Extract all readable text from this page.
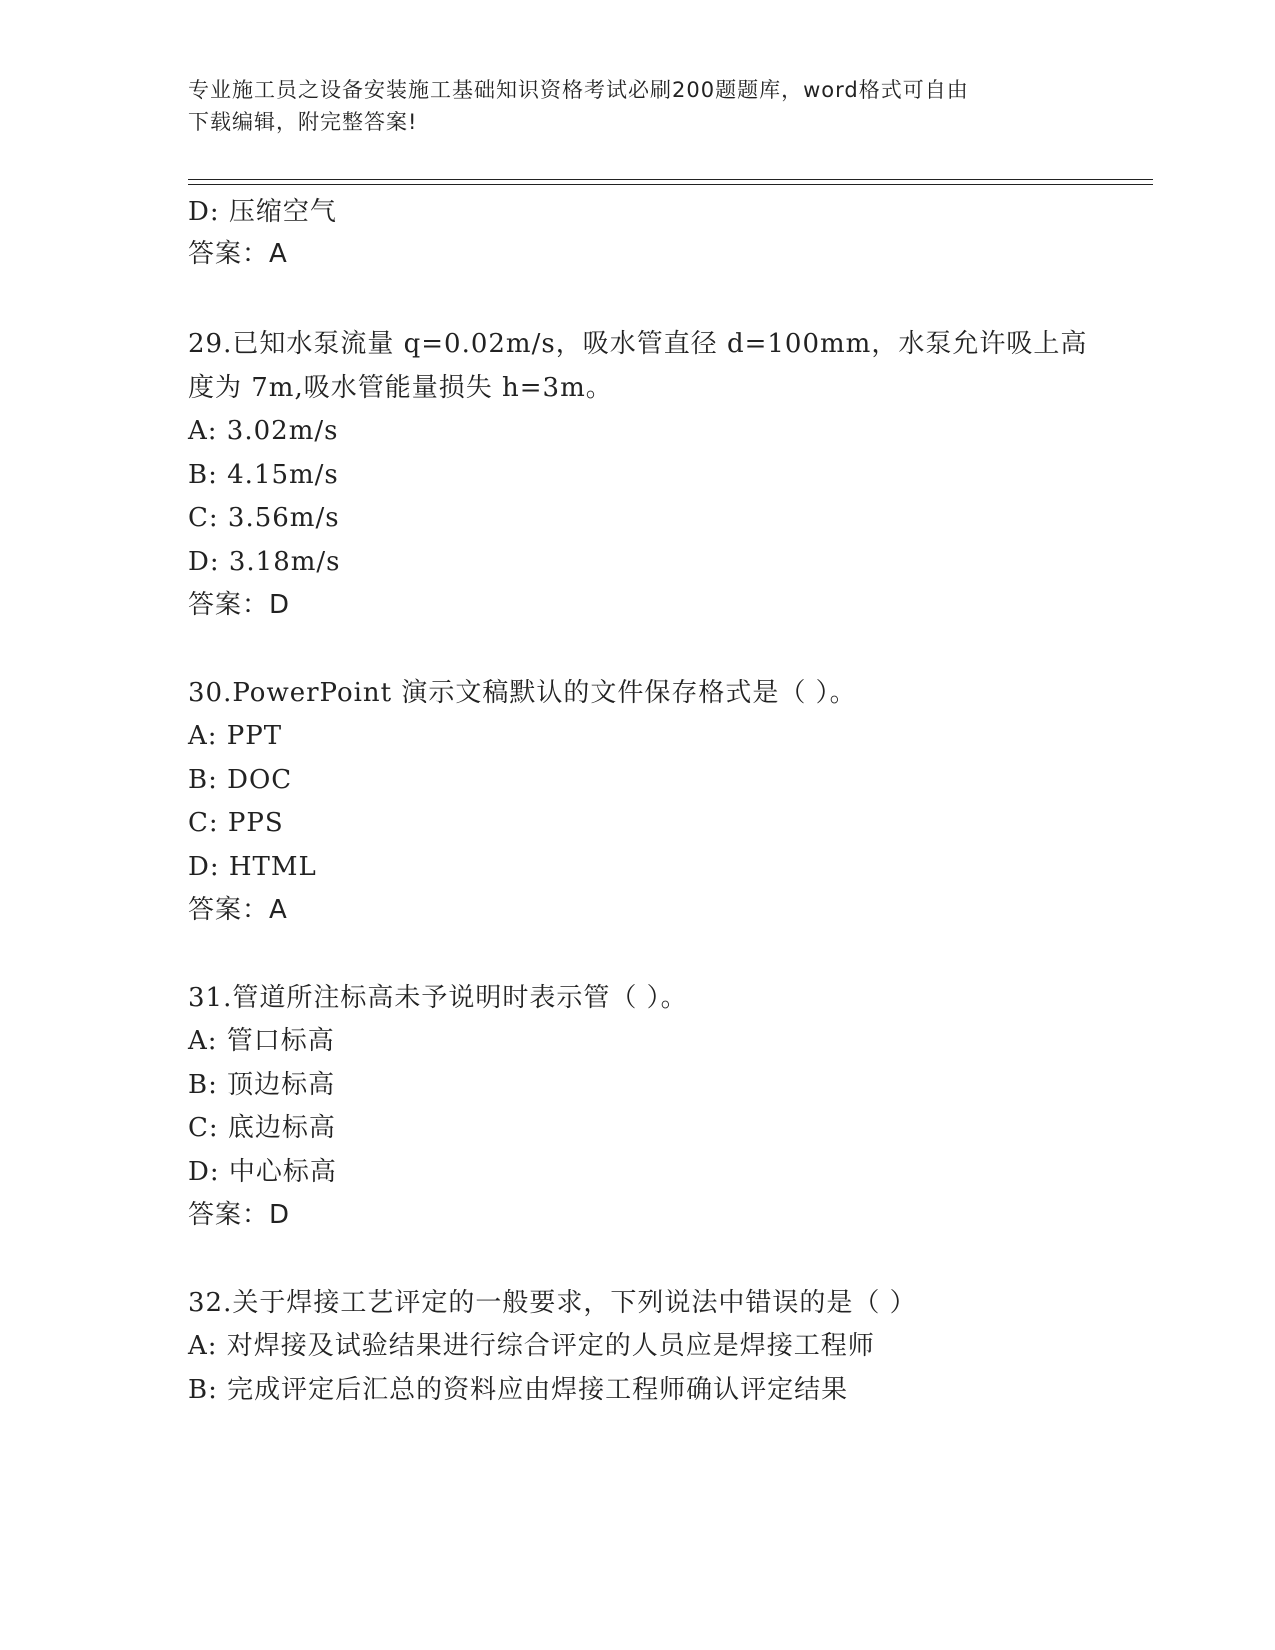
专业施工员之设备安装施工基础知识资格考试必刷200题题库，word格式可自由
下载编辑，附完整答案!
D: 压缩空气
答案：A
29.已知水泵流量 q=0.02m/s，吸水管直径 d=100mm，水泵允许吸上高
度为 7m,吸水管能量损失 h=3m。
A: 3.02m/s
B: 4.15m/s
C: 3.56m/s
D: 3.18m/s
答案：D
30.PowerPoint 演示文稿默认的文件保存格式是（ ）。
A: PPT
B: DOC
C: PPS
D: HTML
答案：A
31.管道所注标高未予说明时表示管（ ）。
A: 管口标高
B: 顶边标高
C: 底边标高
D: 中心标高
答案：D
32.关于焊接工艺评定的一般要求，下列说法中错误的是（ ）
A: 对焊接及试验结果进行综合评定的人员应是焊接工程师
B: 完成评定后汇总的资料应由焊接工程师确认评定结果
